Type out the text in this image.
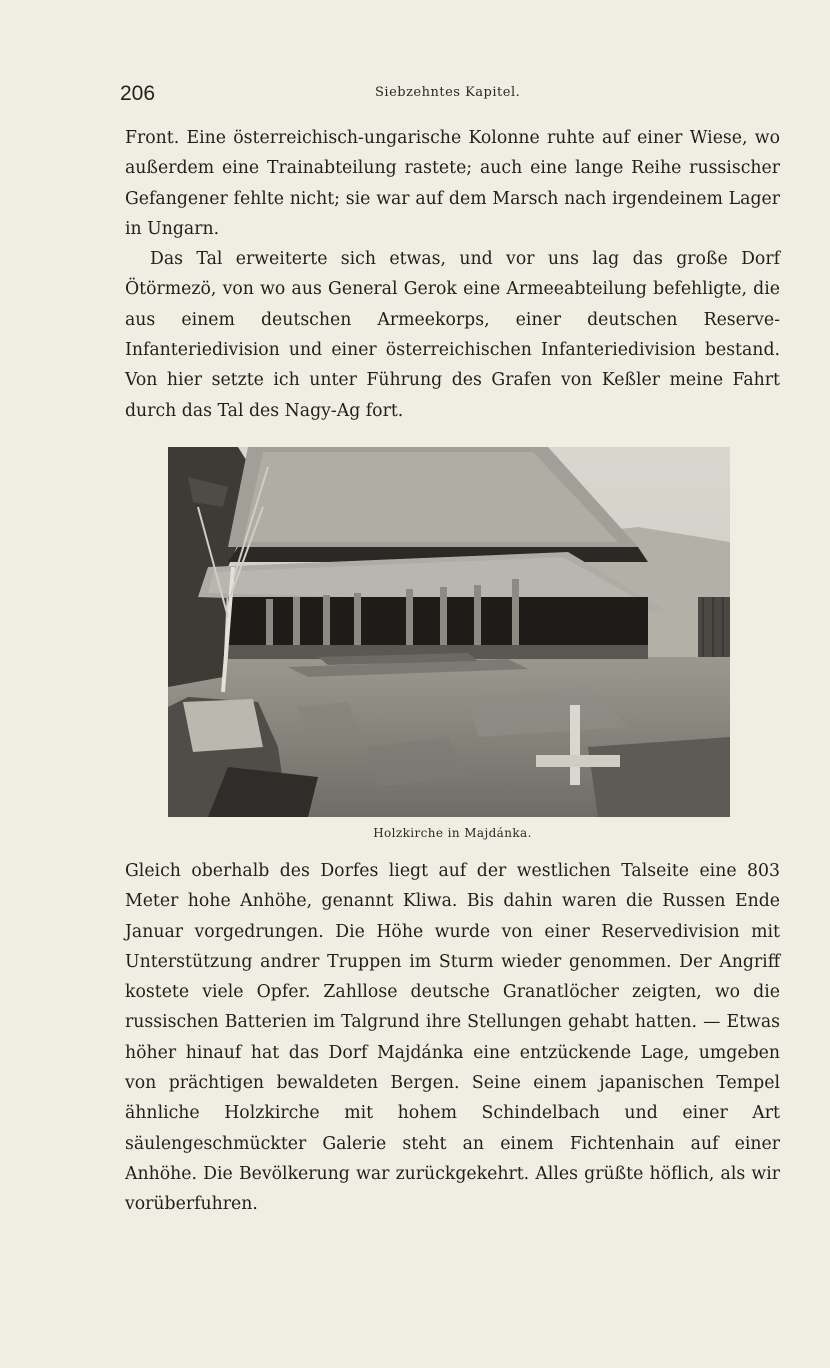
206	Siebzehntes Kapitel.

Front. Eine österreichisch-ungarische Kolonne ruhte auf einer Wiese, wo außerdem eine Trainabteilung rastete; auch eine lange Reihe russischer Gefangener fehlte nicht; sie war auf dem Marsch nach irgendeinem Lager in Ungarn.

Das Tal erweiterte sich etwas, und vor uns lag das große Dorf Ötörmezö, von wo aus General Gerok eine Armeeabteilung befehligte, die aus einem deutschen Armeekorps, einer deutschen Reserve-Infanteriedivision und einer österreichischen Infanteriedivision bestand. Von hier setzte ich unter Führung des Grafen von Keßler meine Fahrt durch das Tal des Nagy-Ag fort.

Holzkirche in Majdánka.

Gleich oberhalb des Dorfes liegt auf der westlichen Talseite eine 803 Meter hohe Anhöhe, genannt Kliwa. Bis dahin waren die Russen Ende Januar vorgedrungen. Die Höhe wurde von einer Reservedivision mit Unterstützung andrer Truppen im Sturm wieder genommen. Der Angriff kostete viele Opfer. Zahllose deutsche Granatlöcher zeigten, wo die russischen Batterien im Talgrund ihre Stellungen gehabt hatten. — Etwas höher hinauf hat das Dorf Majdánka eine entzückende Lage, umgeben von prächtigen bewaldeten Bergen. Seine einem japanischen Tempel ähnliche Holzkirche mit hohem Schindelbach und einer Art säulengeschmückter Galerie steht an einem Fichtenhain auf einer Anhöhe. Die Bevölkerung war zurückgekehrt. Alles grüßte höflich, als wir vorüberfuhren.
